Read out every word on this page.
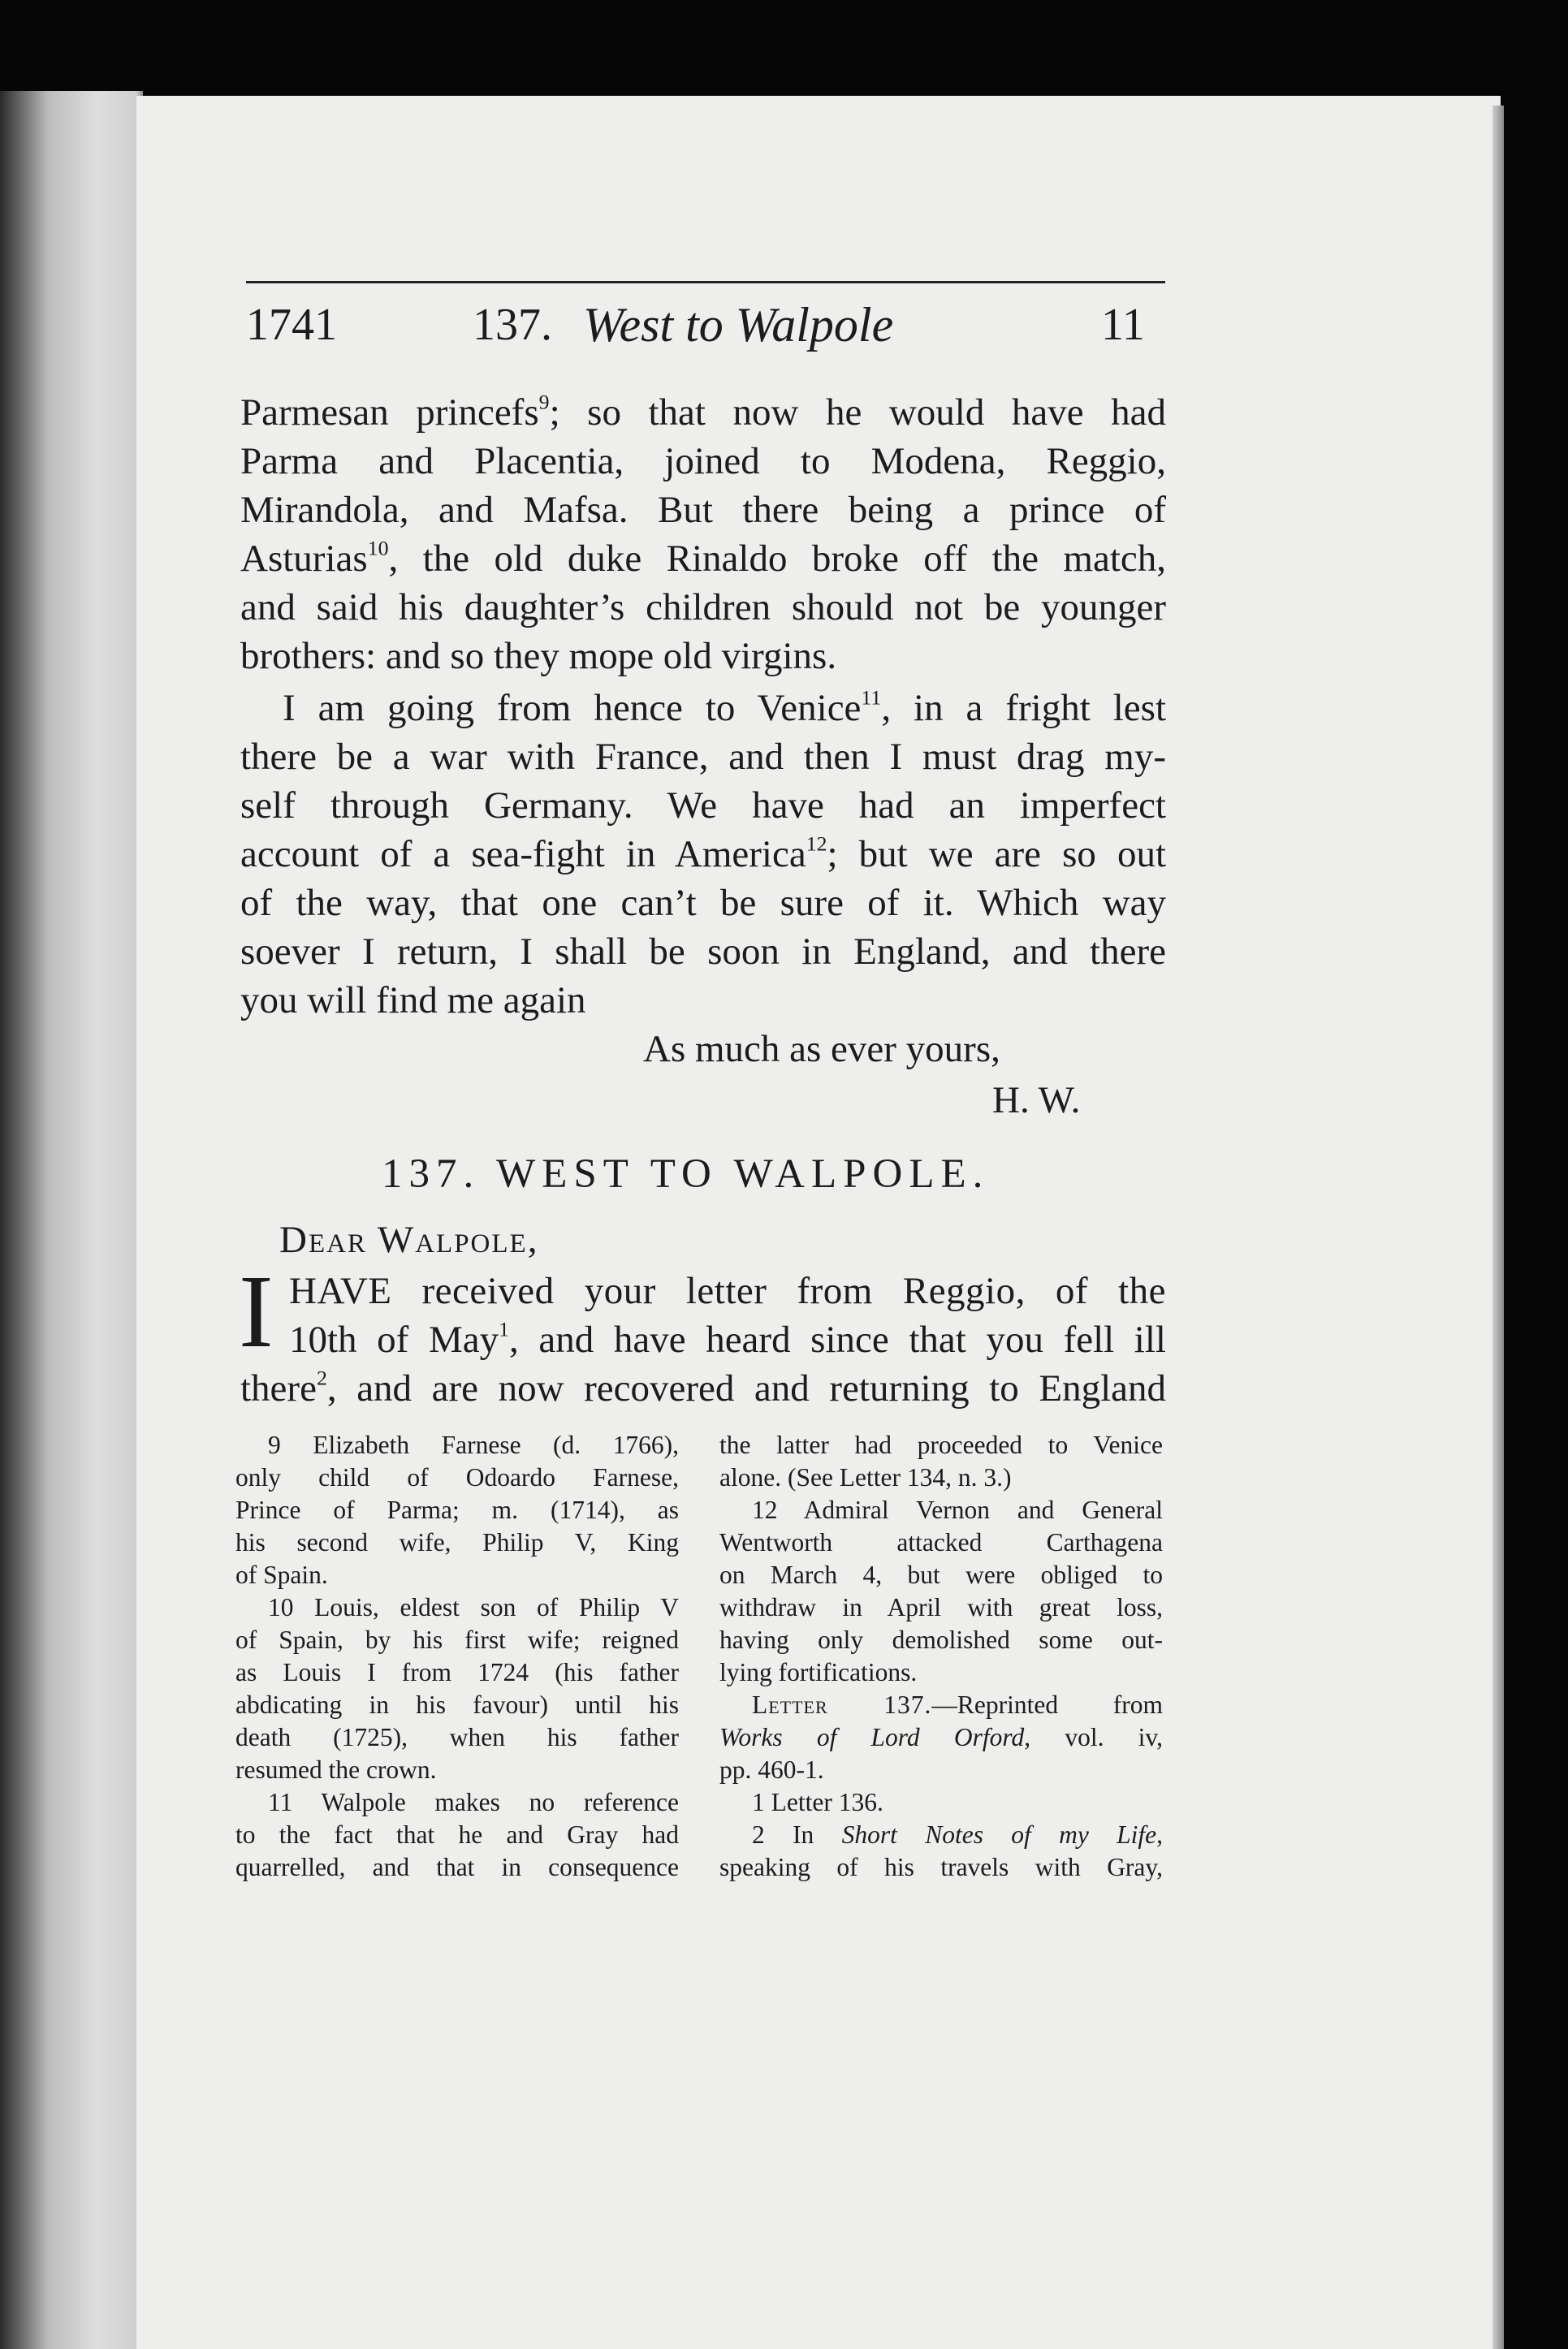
1741	137. West to Walpole	11

Parmesan princefs$^9$; so that now he would have had

Parma and Placentia, joined to Modena, Reggio,

Mirandola, and Mafsa. But there being a prince of

Asturias$^{10}$, the old duke Rinaldo broke off the match,

and said his daughter’s children should not be younger

brothers: and so they mope old virgins.

I am going from hence to Venice$^{11}$, in a fright lest

there be a war with France, and then I must drag my-

self through Germany. We have had an imperfect

account of a sea-fight in America$^{12}$; but we are so out

of the way, that one can’t be sure of it. Which way

soever I return, I shall be soon in England, and there

you will find me again

As much as ever yours,
H. W.
137. WEST TO WALPOLE.
Dear Walpole,
I HAVE received your letter from Reggio, of the

10th of May$^1$, and have heard since that you fell ill

there$^2$, and are now recovered and returning to England

9 Elizabeth Farnese (d. 1766),

only child of Odoardo Farnese,

Prince of Parma; m. (1714), as

his second wife, Philip V, King

of Spain.

10 Louis, eldest son of Philip V

of Spain, by his first wife; reigned

as Louis I from 1724 (his father

abdicating in his favour) until his

death (1725), when his father

resumed the crown.

11 Walpole makes no reference

to the fact that he and Gray had

quarrelled, and that in consequence

the latter had proceeded to Venice

alone. (See Letter 134, n. 3.)

12 Admiral Vernon and General

Wentworth attacked Carthagena

on March 4, but were obliged to

withdraw in April with great loss,

having only demolished some out-

lying fortifications.

Letter 137.—Reprinted from

Works of Lord Orford, vol. iv,

pp. 460-1.

1 Letter 136.

2 In Short Notes of my Life,

speaking of his travels with Gray,
